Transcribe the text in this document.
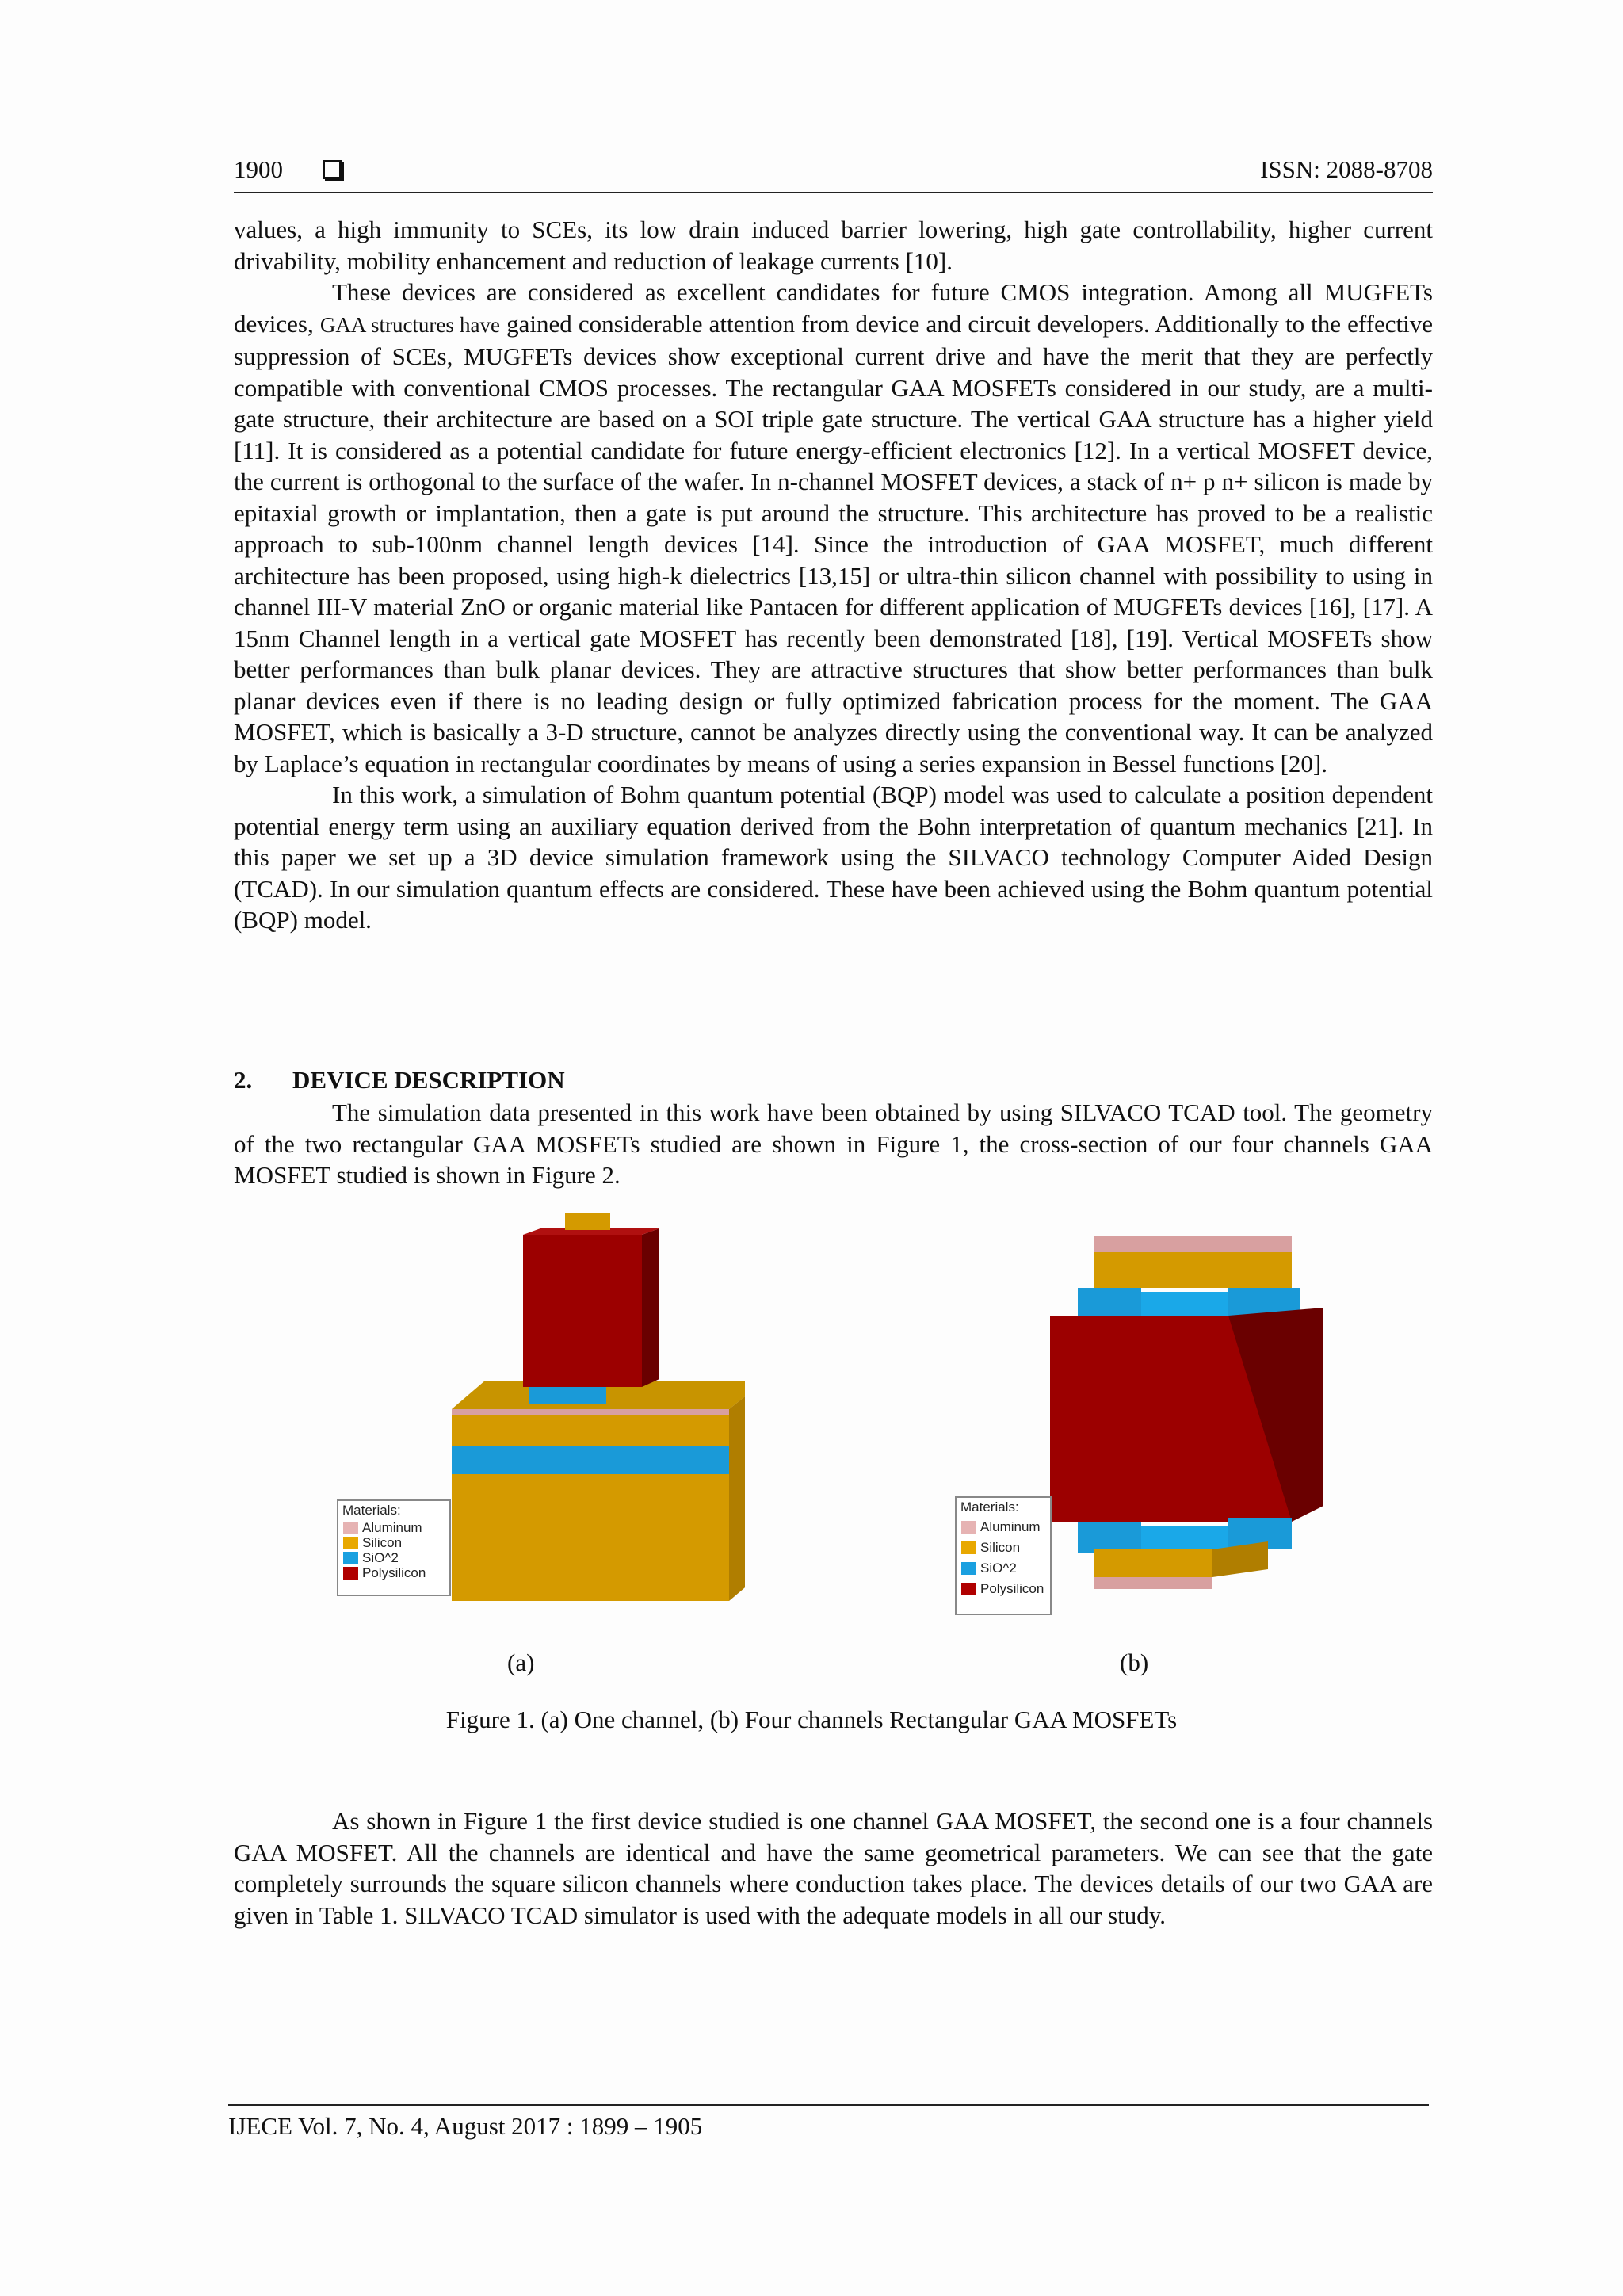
1900	ISSN: 2088-8708

values, a high immunity to SCEs, its low drain induced barrier lowering, high gate controllability, higher current drivability, mobility enhancement and reduction of leakage currents [10].

These devices are considered as excellent candidates for future CMOS integration. Among all MUGFETs devices, GAA structures have gained considerable attention from device and circuit developers. Additionally to the effective suppression of SCEs, MUGFETs devices show exceptional current drive and have the merit that they are perfectly compatible with conventional CMOS processes. The rectangular GAA MOSFETs considered in our study, are a multi-gate structure, their architecture are based on a SOI triple gate structure. The vertical GAA structure has a higher yield [11]. It is considered as a potential candidate for future energy-efficient electronics [12]. In a vertical MOSFET device, the current is orthogonal to the surface of the wafer. In n-channel MOSFET devices, a stack of n+ p n+ silicon is made by epitaxial growth or implantation, then a gate is put around the structure. This architecture has proved to be a realistic approach to sub-100nm channel length devices [14]. Since the introduction of GAA MOSFET, much different architecture has been proposed, using high-k dielectrics [13,15] or ultra-thin silicon channel with possibility to using in channel III-V material ZnO or organic material like Pantacen for different application of MUGFETs devices [16], [17]. A 15nm Channel length in a vertical gate MOSFET has recently been demonstrated [18], [19]. Vertical MOSFETs show better performances than bulk planar devices. They are attractive structures that show better performances than bulk planar devices even if there is no leading design or fully optimized fabrication process for the moment. The GAA MOSFET, which is basically a 3-D structure, cannot be analyzes directly using the conventional way. It can be analyzed by Laplace’s equation in rectangular coordinates by means of using a series expansion in Bessel functions [20].

In this work, a simulation of Bohm quantum potential (BQP) model was used to calculate a position dependent potential energy term using an auxiliary equation derived from the Bohn interpretation of quantum mechanics [21]. In this paper we set up a 3D device simulation framework using the SILVACO technology Computer Aided Design (TCAD). In our simulation quantum effects are considered. These have been achieved using the Bohm quantum potential (BQP) model.

2. DEVICE DESCRIPTION

The simulation data presented in this work have been obtained by using SILVACO TCAD tool. The geometry of the two rectangular GAA MOSFETs studied are shown in Figure 1, the cross-section of our four channels GAA MOSFET studied is shown in Figure 2.

Materials:
Aluminum
Silicon
SiO^2
Polysilicon
Materials:
Aluminum
Silicon
SiO^2
Polysilicon
(a)	(b)
Figure 1. (a) One channel, (b) Four channels Rectangular GAA MOSFETs

As shown in Figure 1 the first device studied is one channel GAA MOSFET, the second one is a four channels GAA MOSFET. All the channels are identical and have the same geometrical parameters. We can see that the gate completely surrounds the square silicon channels where conduction takes place. The devices details of our two GAA are given in Table 1. SILVACO TCAD simulator is used with the adequate models in all our study.

IJECE Vol. 7, No. 4, August 2017 : 1899 – 1905
